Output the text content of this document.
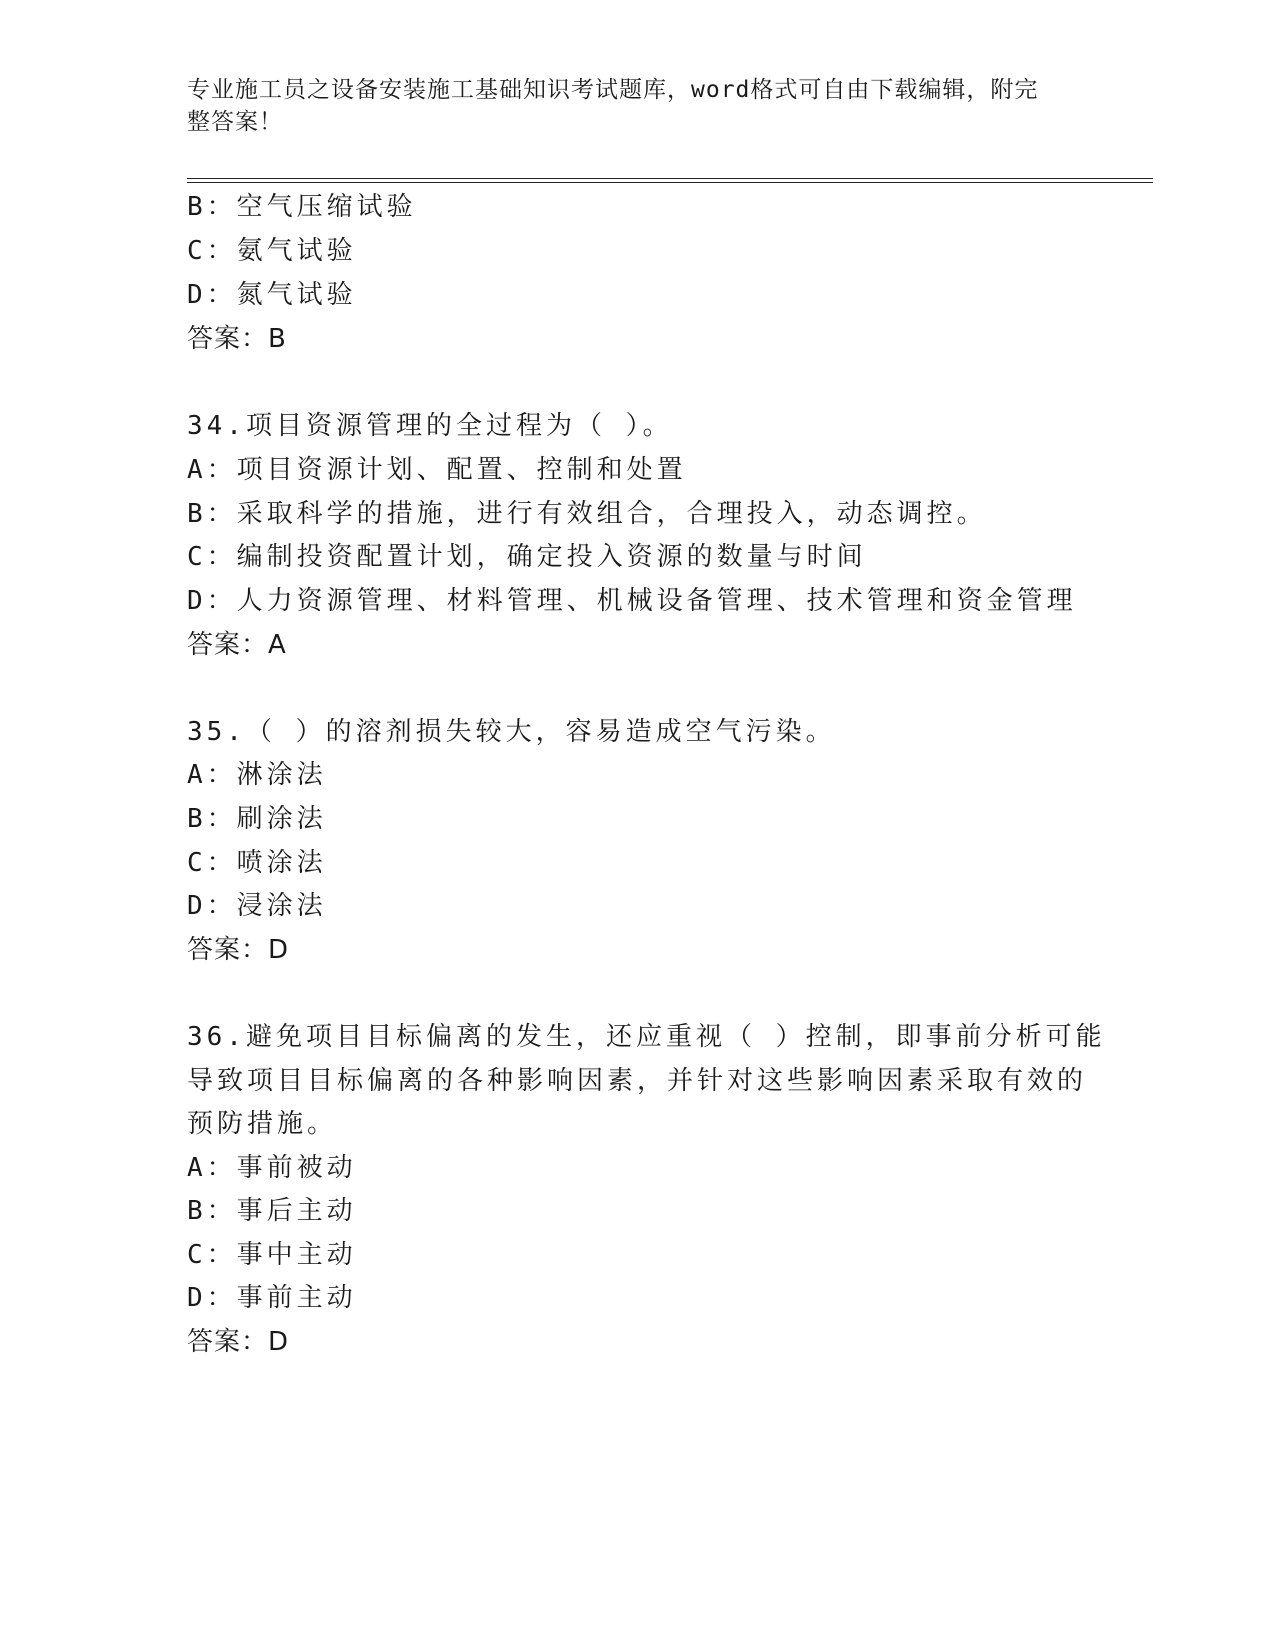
专业施工员之设备安装施工基础知识考试题库，word格式可自由下载编辑，附完
整答案！
B：空气压缩试验
C：氨气试验
D：氮气试验
答案：B
34.项目资源管理的全过程为（ ）。
A：项目资源计划、配置、控制和处置
B：采取科学的措施，进行有效组合，合理投入，动态调控。
C：编制投资配置计划，确定投入资源的数量与时间
D：人力资源管理、材料管理、机械设备管理、技术管理和资金管理
答案：A
35.（ ）的溶剂损失较大，容易造成空气污染。
A：淋涂法
B：刷涂法
C：喷涂法
D：浸涂法
答案：D
36.避免项目目标偏离的发生，还应重视（ ）控制，即事前分析可能
导致项目目标偏离的各种影响因素，并针对这些影响因素采取有效的
预防措施。
A：事前被动
B：事后主动
C：事中主动
D：事前主动
答案：D
